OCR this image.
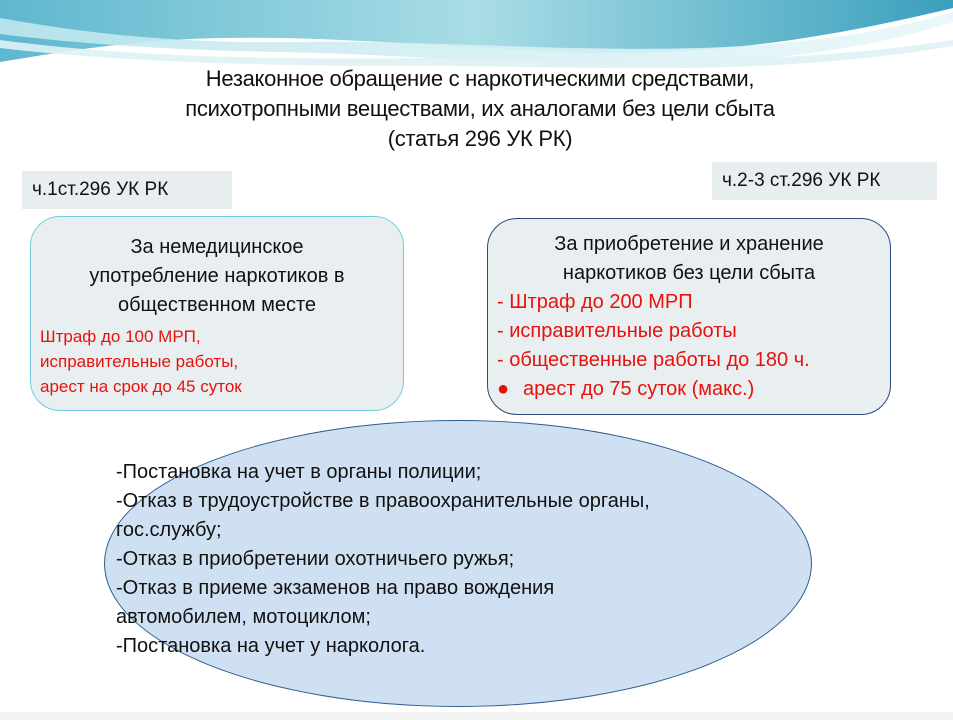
Незаконное обращение с наркотическими средствами,
психотропными веществами, их аналогами без цели сбыта
(статья 296 УК РК)
ч.1ст.296 УК РК	ч.2-3 ст.296 УК РК
За немедицинское
употребление наркотиков в
общественном месте
Штраф до 100 МРП,
исправительные работы,
арест на срок до 45 суток
За приобретение и хранение
наркотиков без цели сбыта
- Штраф до 200 МРП
- исправительные работы
- общественные работы до 180 ч.
● арест до 75 суток (макс.)
-Постановка на учет в органы полиции;
-Отказ в трудоустройстве в правоохранительные органы,
гос.службу;
-Отказ в приобретении охотничьего ружья;
-Отказ в приеме экзаменов на право вождения
автомобилем, мотоциклом;
-Постановка на учет у нарколога.
